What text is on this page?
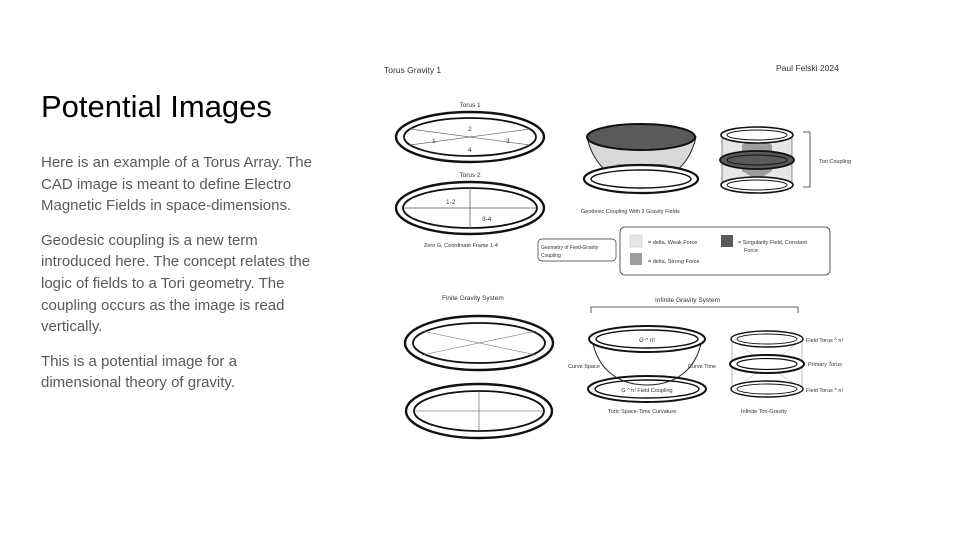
Potential Images

Here is an example of a Torus Array. The CAD image is meant to define Electro Magnetic Fields in space-dimensions.

Geodesic coupling is a new term introduced here. The concept relates the logic of fields to a Tori geometry. The coupling occurs as the image is read vertically.

This is a potential image for a dimensional theory of gravity.

Torus Gravity 1	Paul Felski 2024
Torus 1
1
2
3
4
Torus 2
1-2
3-4
Zero G, Coordinate Frame 1-4
Geodesic Coupling With 3 Gravity Fields
Tori Coupling
Geometry of Field-Gravity
Coupling
= delta, Weak Force	= Singularity Field, Constant
Force
= delta, Strong Force
Finite Gravity System	Infinite Gravity System
G ^ n!
G ^ n! Field Coupling
Curve Space	Curve Time
Toric Space-Time Curvature
Field Torus ^ n!
Primary Torus
Field Torus ^ n!
Infinite Tori-Gravity
